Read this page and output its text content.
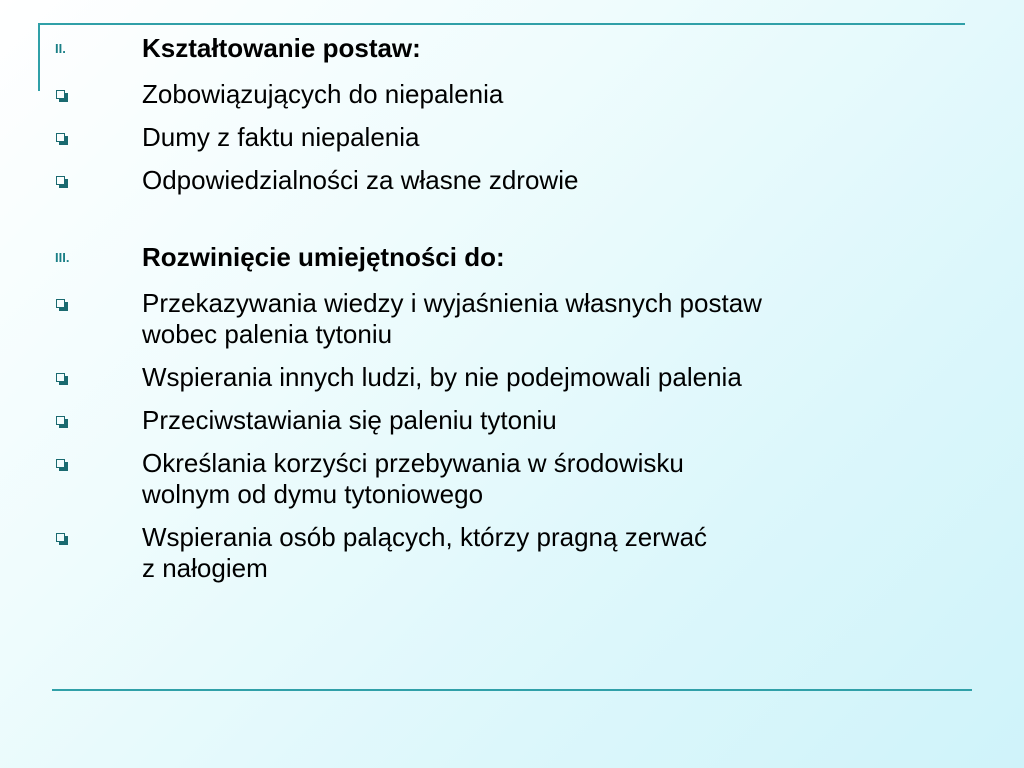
II.	Kształtowanie postaw:
Zobowiązujących do niepalenia
Dumy z faktu niepalenia
Odpowiedzialności za własne zdrowie
III.	Rozwinięcie umiejętności do:
Przekazywania wiedzy i wyjaśnienia własnych postaw
wobec palenia tytoniu
Wspierania innych ludzi, by nie podejmowali palenia
Przeciwstawiania się paleniu tytoniu
Określania korzyści przebywania w środowisku
wolnym od dymu tytoniowego
Wspierania osób palących, którzy pragną zerwać
z nałogiem
